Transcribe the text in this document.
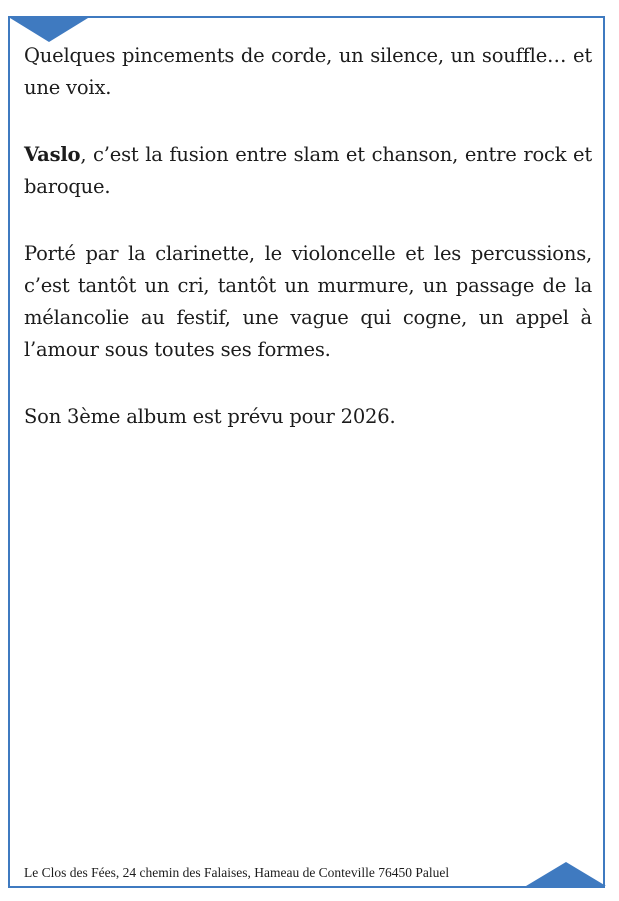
Quelques pincements de corde, un silence, un souffle… et une voix.

Vaslo, c’est la fusion entre slam et chanson, entre rock et baroque.

Porté par la clarinette, le violoncelle et les percussions, c’est tantôt un cri, tantôt un murmure, un passage de la mélancolie au festif, une vague qui cogne, un appel à l’amour sous toutes ses formes.

Son 3ème album est prévu pour 2026.

Le Clos des Fées, 24 chemin des Falaises, Hameau de Conteville 76450 Paluel
